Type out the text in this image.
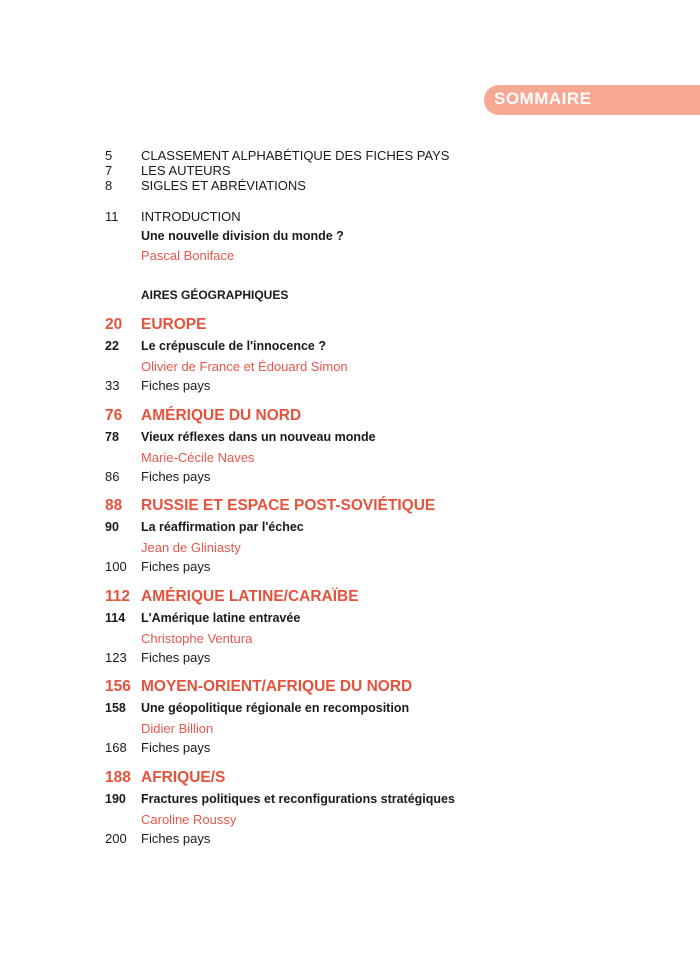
SOMMAIRE
5 CLASSEMENT ALPHABÉTIQUE DES FICHES PAYS
7 LES AUTEURS
8 SIGLES ET ABRÉVIATIONS
11 INTRODUCTION
Une nouvelle division du monde ?
Pascal Boniface
AIRES GÉOGRAPHIQUES
20 EUROPE
22 Le crépuscule de l'innocence ?
Olivier de France et Édouard Simon
33 Fiches pays
76 AMÉRIQUE DU NORD
78 Vieux réflexes dans un nouveau monde
Marie-Cécile Naves
86 Fiches pays
88 RUSSIE ET ESPACE POST-SOVIÉTIQUE
90 La réaffirmation par l'échec
Jean de Gliniasty
100 Fiches pays
112 AMÉRIQUE LATINE/CARAÏBE
114 L'Amérique latine entravée
Christophe Ventura
123 Fiches pays
156 MOYEN-ORIENT/AFRIQUE DU NORD
158 Une géopolitique régionale en recomposition
Didier Billion
168 Fiches pays
188 AFRIQUE/S
190 Fractures politiques et reconfigurations stratégiques
Caroline Roussy
200 Fiches pays
